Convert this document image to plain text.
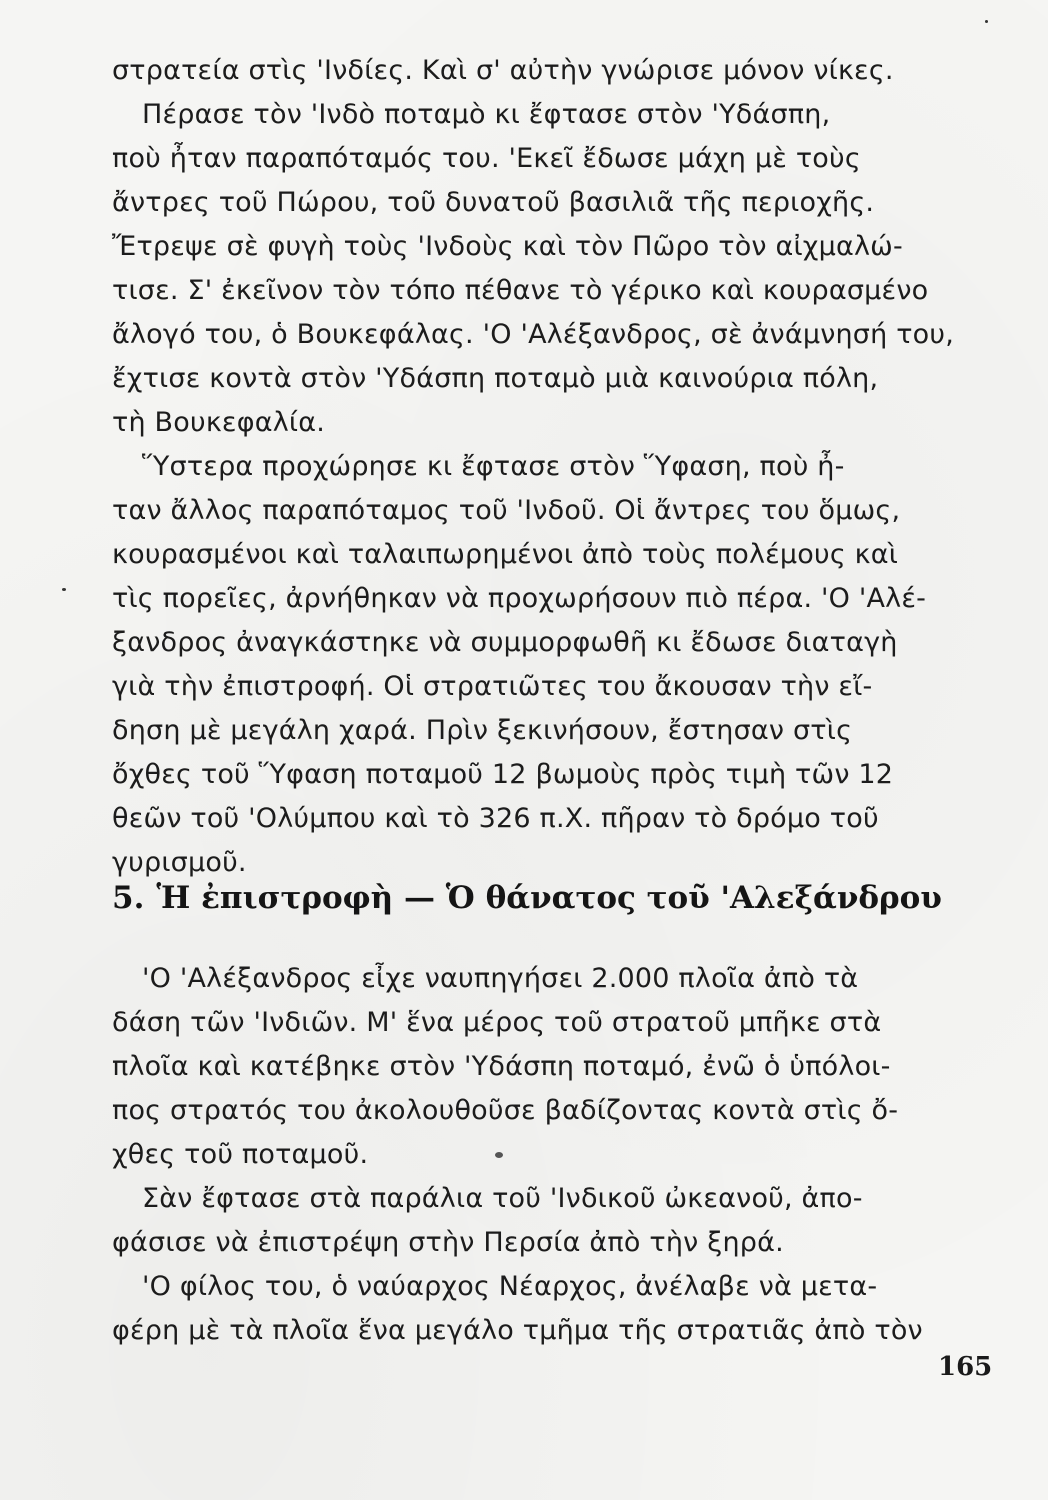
στρατεία στὶς 'Ινδίες. Καὶ σ' αὐτὴν γνώρισε μόνον νίκες.
Πέρασε τὸν 'Ινδὸ ποταμὸ κι ἔφτασε στὸν 'Υδάσπη,
ποὺ ἦταν παραπόταμός του. 'Εκεῖ ἔδωσε μάχη μὲ τοὺς
ἄντρες τοῦ Πώρου, τοῦ δυνατοῦ βασιλιᾶ τῆς περιοχῆς.
Ἔτρεψε σὲ φυγὴ τοὺς 'Ινδοὺς καὶ τὸν Πῶρο τὸν αἰχμαλώ-
τισε. Σ' ἐκεῖνον τὸν τόπο πέθανε τὸ γέρικο καὶ κουρασμένο
ἄλογό του, ὁ Βουκεφάλας. 'Ο 'Αλέξανδρος, σὲ ἀνάμνησή του,
ἔχτισε κοντὰ στὸν 'Υδάσπη ποταμὸ μιὰ καινούρια πόλη,
τὴ Βουκεφαλία.
Ὕστερα προχώρησε κι ἔφτασε στὸν Ὕφαση, ποὺ ἦ-
ταν ἄλλος παραπόταμος τοῦ 'Ινδοῦ. Οἱ ἄντρες του ὅμως,
κουρασμένοι καὶ ταλαιπωρημένοι ἀπὸ τοὺς πολέμους καὶ
τὶς πορεῖες, ἀρνήθηκαν νὰ προχωρήσουν πιὸ πέρα. 'Ο 'Αλέ-
ξανδρος ἀναγκάστηκε νὰ συμμορφωθῆ κι ἔδωσε διαταγὴ
γιὰ τὴν ἐπιστροφή. Οἱ στρατιῶτες του ἄκουσαν τὴν εἴ-
δηση μὲ μεγάλη χαρά. Πρὶν ξεκινήσουν, ἔστησαν στὶς
ὄχθες τοῦ Ὕφαση ποταμοῦ 12 βωμοὺς πρὸς τιμὴ τῶν 12
θεῶν τοῦ 'Ολύμπου καὶ τὸ 326 π.Χ. πῆραν τὸ δρόμο τοῦ
γυρισμοῦ.
5. Ἡ ἐπιστροφὴ — Ὁ θάνατος τοῦ 'Αλεξάνδρου
'Ο 'Αλέξανδρος εἶχε ναυπηγήσει 2.000 πλοῖα ἀπὸ τὰ
δάση τῶν 'Ινδιῶν. Μ' ἕνα μέρος τοῦ στρατοῦ μπῆκε στὰ
πλοῖα καὶ κατέβηκε στὸν 'Υδάσπη ποταμό, ἐνῶ ὁ ὑπόλοι-
πος στρατός του ἀκολουθοῦσε βαδίζοντας κοντὰ στὶς ὄ-
χθες τοῦ ποταμοῦ.
Σὰν ἔφτασε στὰ παράλια τοῦ 'Ινδικοῦ ὠκεανοῦ, ἀπο-
φάσισε νὰ ἐπιστρέψη στὴν Περσία ἀπὸ τὴν ξηρά.
'Ο φίλος του, ὁ ναύαρχος Νέαρχος, ἀνέλαβε νὰ μετα-
φέρη μὲ τὰ πλοῖα ἕνα μεγάλο τμῆμα τῆς στρατιᾶς ἀπὸ τὸν
165
